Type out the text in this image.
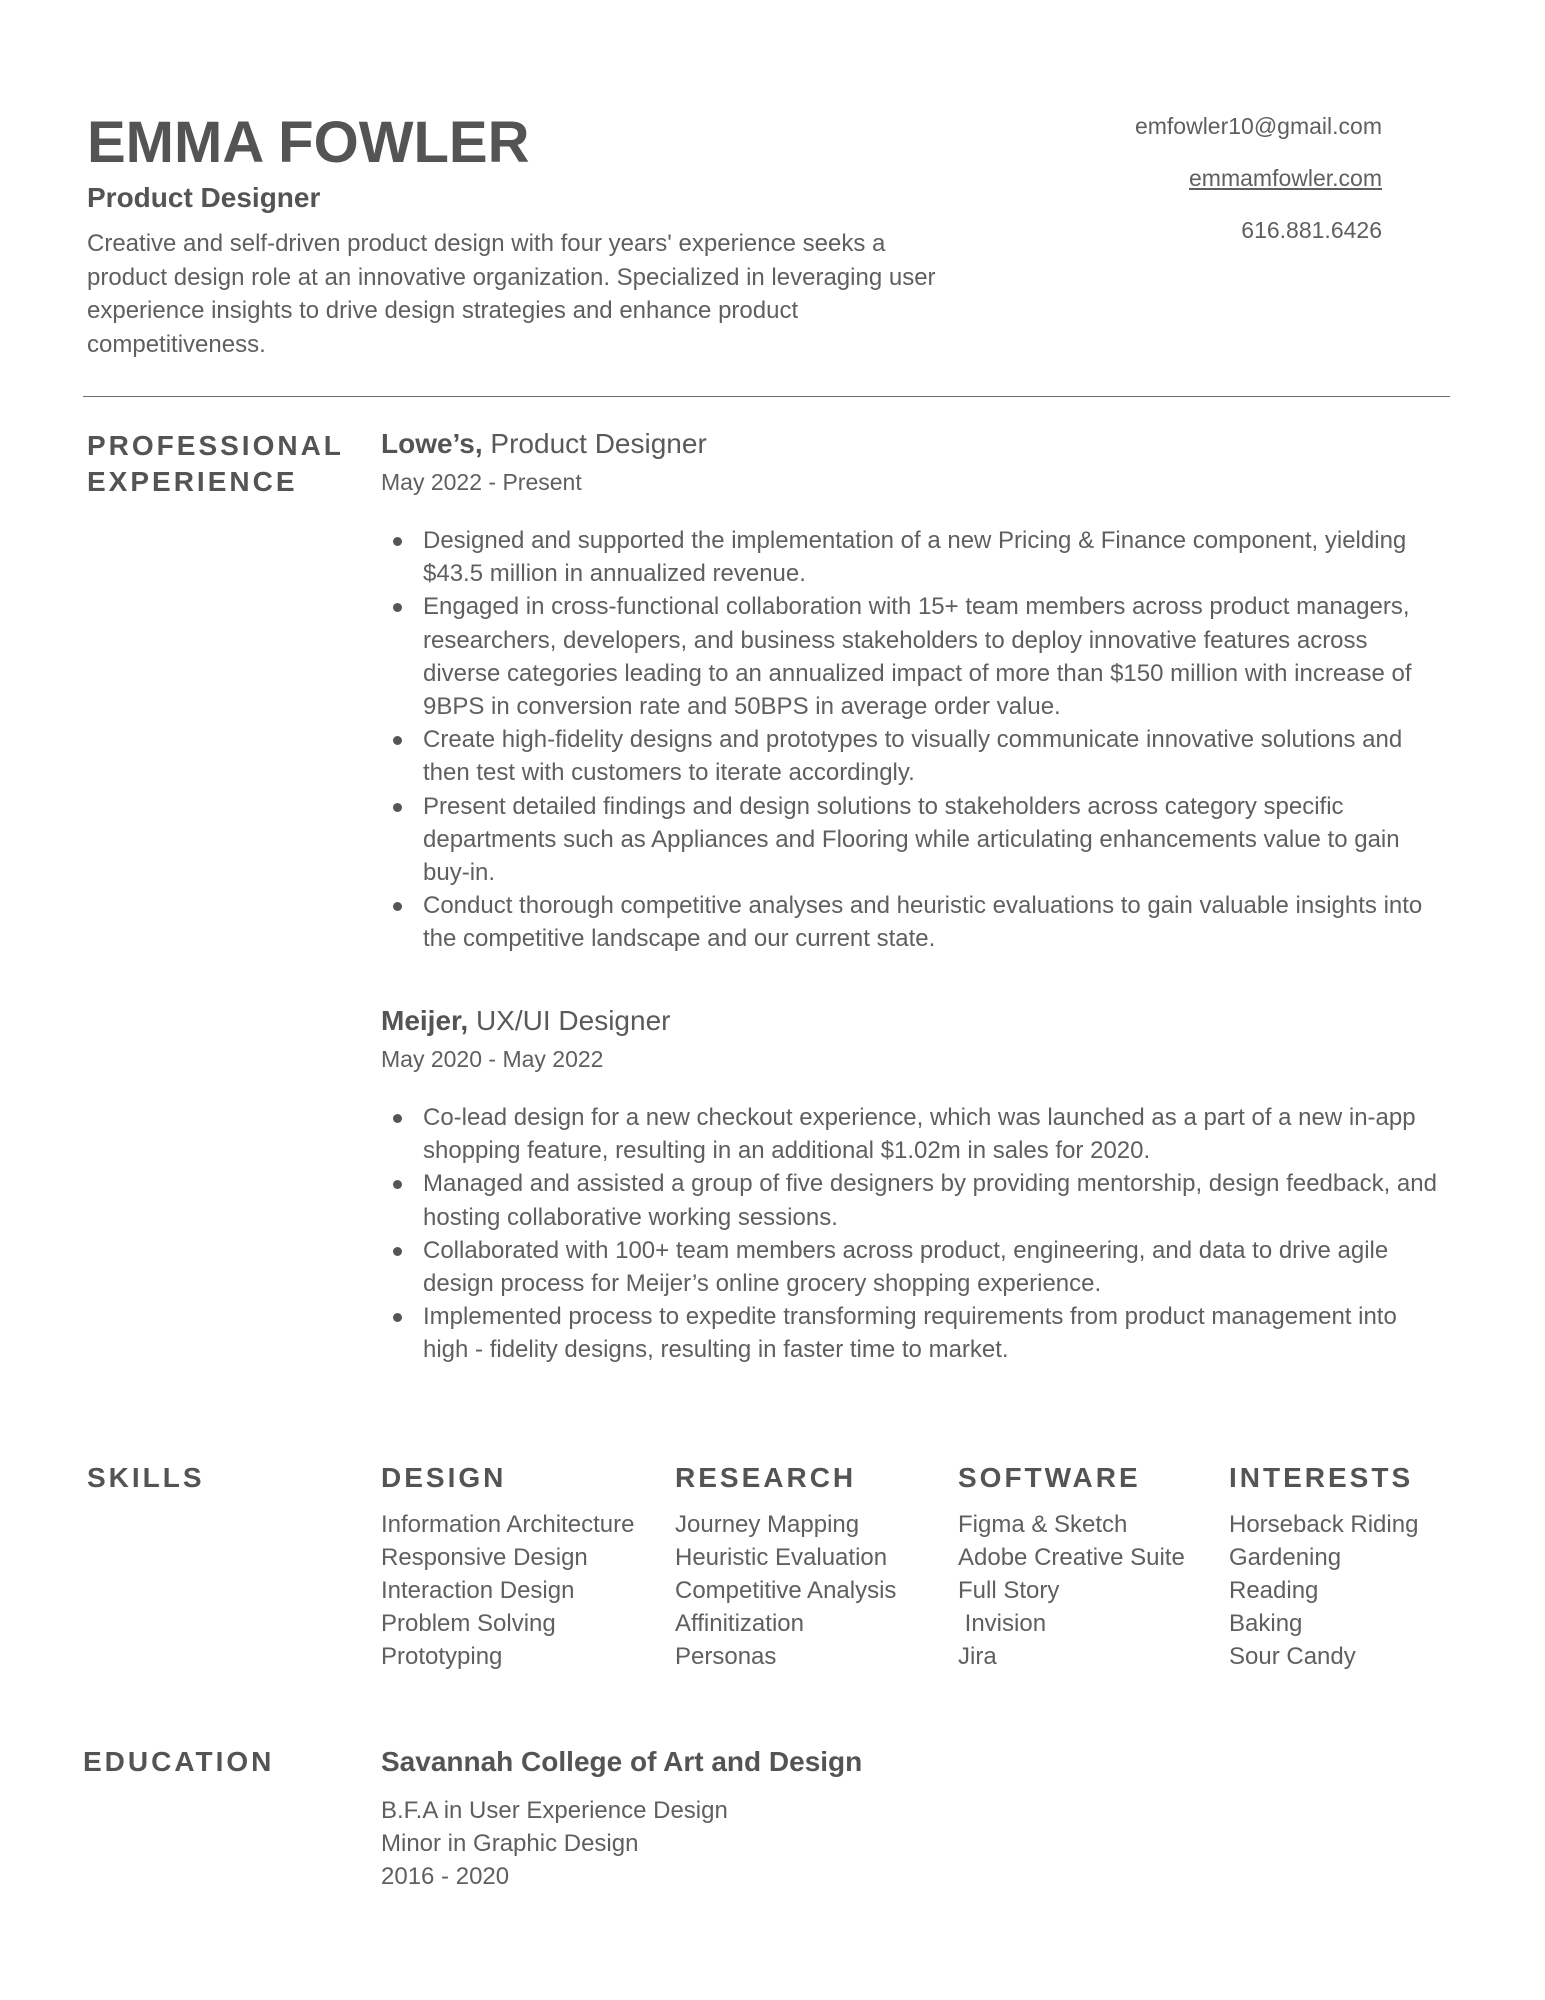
EMMA FOWLER
Product Designer

Creative and self-driven product design with four years' experience seeks a product design role at an innovative organization. Specialized in leveraging user experience insights to drive design strategies and enhance product competitiveness.

emfowler10@gmail.com
emmamfowler.com
616.881.6426
PROFESSIONAL
EXPERIENCE

Lowe’s, Product Designer

May 2022 - Present

Designed and supported the implementation of a new Pricing & Finance component, yielding $43.5 million in annualized revenue.
Engaged in cross-functional collaboration with 15+ team members across product managers, researchers, developers, and business stakeholders to deploy innovative features across diverse categories leading to an annualized impact of more than $150 million with increase of 9BPS in conversion rate and 50BPS in average order value.
Create high-fidelity designs and prototypes to visually communicate innovative solutions and then test with customers to iterate accordingly.
Present detailed findings and design solutions to stakeholders across category specific departments such as Appliances and Flooring while articulating enhancements value to gain buy-in.
Conduct thorough competitive analyses and heuristic evaluations to gain valuable insights into the competitive landscape and our current state.

Meijer, UX/UI Designer

May 2020 - May 2022

Co-lead design for a new checkout experience, which was launched as a part of a new in-app shopping feature, resulting in an additional $1.02m in sales for 2020.
Managed and assisted a group of five designers by providing mentorship, design feedback, and hosting collaborative working sessions.
Collaborated with 100+ team members across product, engineering, and data to drive agile design process for Meijer’s online grocery shopping experience.
Implemented process to expedite transforming requirements from product management into high - fidelity designs, resulting in faster time to market.
SKILLS	DESIGN
Information Architecture
Responsive Design
Interaction Design
Problem Solving
Prototyping
RESEARCH
Journey Mapping
Heuristic Evaluation
Competitive Analysis
Affinitization
Personas
SOFTWARE
Figma & Sketch
Adobe Creative Suite
Full Story
Invision
Jira
INTERESTS
Horseback Riding
Gardening
Reading
Baking
Sour Candy
EDUCATION	Savannah College of Art and Design

B.F.A in User Experience Design
Minor in Graphic Design
2016 - 2020
